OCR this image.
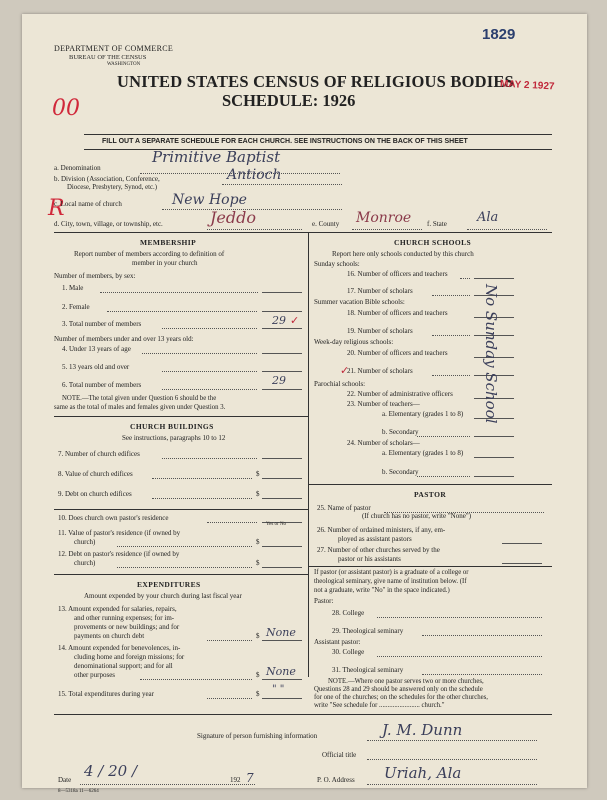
DEPARTMENT OF COMMERCE
BUREAU OF THE CENSUS
WASHINGTON
1829
UNITED STATES CENSUS OF RELIGIOUS BODIES
SCHEDULE: 1926
MAY 2 1927
00
R
FILL OUT A SEPARATE SCHEDULE FOR EACH CHURCH. SEE INSTRUCTIONS ON THE BACK OF THIS SHEET
a. Denomination
Primitive Baptist
b. Division (Association, Conference,
Diocese, Presbytery, Synod, etc.)
Antioch
c. Local name of church	New Hope
d. City, town, village, or township, etc.	Jeddo	e. County Monroe f. State Ala
MEMBERSHIP
Report number of members according to definition of
member in your church
Number of members, by sex:
1. Male
2. Female
3. Total number of members	29 ✓
Number of members under and over 13 years old:
4. Under 13 years of age
5. 13 years old and over
6. Total number of members	29
NOTE.—The total given under Question 6 should be the
same as the total of males and females given under Question 3.
CHURCH BUILDINGS
See instructions, paragraphs 10 to 12
7. Number of church edifices
8. Value of church edifices	$
9. Debt on church edifices	$
10. Does church own pastor's residence
Yes or No
11. Value of pastor's residence (if owned by
church)	$
12. Debt on pastor's residence (if owned by
church)	$
EXPENDITURES
Amount expended by your church during last fiscal year
13. Amount expended for salaries, repairs,
and other running expenses; for im-
provements or new buildings; and for
payments on church debt	$ None
14. Amount expended for benevolences, in-
cluding home and foreign missions; for
denominational support; and for all
other purposes	$ None
15. Total expenditures during year	$ " "
CHURCH SCHOOLS
Report here only schools conducted by this church
Sunday schools:
16. Number of officers and teachers
17. Number of scholars
Summer vacation Bible schools:
18. Number of officers and teachers
19. Number of scholars
Week-day religious schools:
20. Number of officers and teachers
21. Number of scholars
✓
Parochial schools:
22. Number of administrative officers
23. Number of teachers—
a. Elementary (grades 1 to 8)
b. Secondary
24. Number of scholars—
a. Elementary (grades 1 to 8)
b. Secondary
No Sunday School
PASTOR
25. Name of pastor
(If church has no pastor, write "None")
26. Number of ordained ministers, if any, em-
ployed as assistant pastors
27. Number of other churches served by the
pastor or his assistants
If pastor (or assistant pastor) is a graduate of a college or
theological seminary, give name of institution below. (If
not a graduate, write "No" in the space indicated.)
Pastor:
28. College
29. Theological seminary
Assistant pastor:
30. College
31. Theological seminary
NOTE.—Where one pastor serves two or more churches,
Questions 28 and 29 should be answered only on the schedule
for one of the churches; on the schedules for the other churches,
write "See schedule for ........................ church."
Signature of person furnishing information	J. M. Dunn
Official title
Date 4 / 20 /	192 7	P. O. Address Uriah, Ala
8—5318a 11—6264
